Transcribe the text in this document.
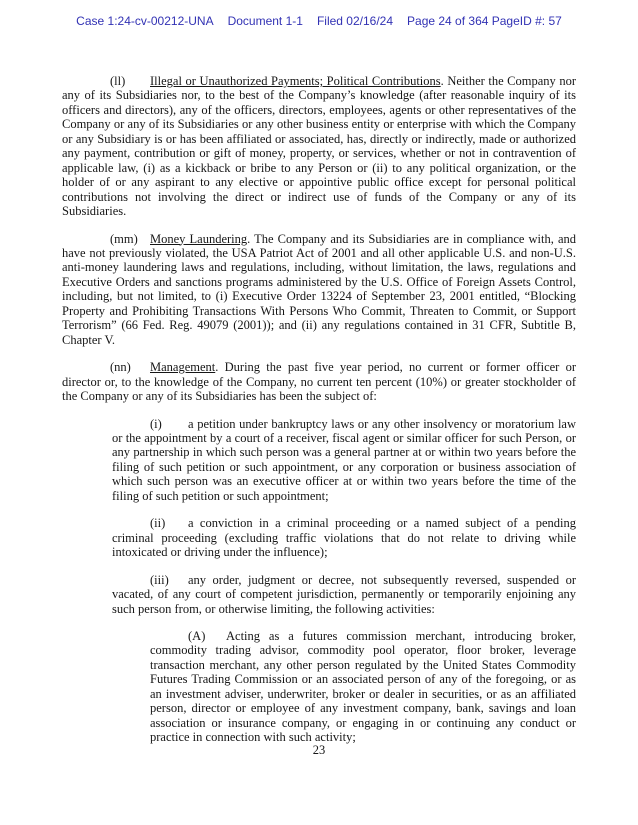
Case 1:24-cv-00212-UNA Document 1-1 Filed 02/16/24 Page 24 of 364 PageID #: 57

(ll) Illegal or Unauthorized Payments; Political Contributions. Neither the Company nor any of its Subsidiaries nor, to the best of the Company’s knowledge (after reasonable inquiry of its officers and directors), any of the officers, directors, employees, agents or other representatives of the Company or any of its Subsidiaries or any other business entity or enterprise with which the Company or any Subsidiary is or has been affiliated or associated, has, directly or indirectly, made or authorized any payment, contribution or gift of money, property, or services, whether or not in contravention of applicable law, (i) as a kickback or bribe to any Person or (ii) to any political organization, or the holder of or any aspirant to any elective or appointive public office except for personal political contributions not involving the direct or indirect use of funds of the Company or any of its Subsidiaries.

(mm) Money Laundering. The Company and its Subsidiaries are in compliance with, and have not previously violated, the USA Patriot Act of 2001 and all other applicable U.S. and non-U.S. anti-money laundering laws and regulations, including, without limitation, the laws, regulations and Executive Orders and sanctions programs administered by the U.S. Office of Foreign Assets Control, including, but not limited, to (i) Executive Order 13224 of September 23, 2001 entitled, “Blocking Property and Prohibiting Transactions With Persons Who Commit, Threaten to Commit, or Support Terrorism” (66 Fed. Reg. 49079 (2001)); and (ii) any regulations contained in 31 CFR, Subtitle B, Chapter V.

(nn) Management. During the past five year period, no current or former officer or director or, to the knowledge of the Company, no current ten percent (10%) or greater stockholder of the Company or any of its Subsidiaries has been the subject of:

(i) a petition under bankruptcy laws or any other insolvency or moratorium law or the appointment by a court of a receiver, fiscal agent or similar officer for such Person, or any partnership in which such person was a general partner at or within two years before the filing of such petition or such appointment, or any corporation or business association of which such person was an executive officer at or within two years before the time of the filing of such petition or such appointment;

(ii) a conviction in a criminal proceeding or a named subject of a pending criminal proceeding (excluding traffic violations that do not relate to driving while intoxicated or driving under the influence);

(iii) any order, judgment or decree, not subsequently reversed, suspended or vacated, of any court of competent jurisdiction, permanently or temporarily enjoining any such person from, or otherwise limiting, the following activities:

(A) Acting as a futures commission merchant, introducing broker, commodity trading advisor, commodity pool operator, floor broker, leverage transaction merchant, any other person regulated by the United States Commodity Futures Trading Commission or an associated person of any of the foregoing, or as an investment adviser, underwriter, broker or dealer in securities, or as an affiliated person, director or employee of any investment company, bank, savings and loan association or insurance company, or engaging in or continuing any conduct or practice in connection with such activity;

23
